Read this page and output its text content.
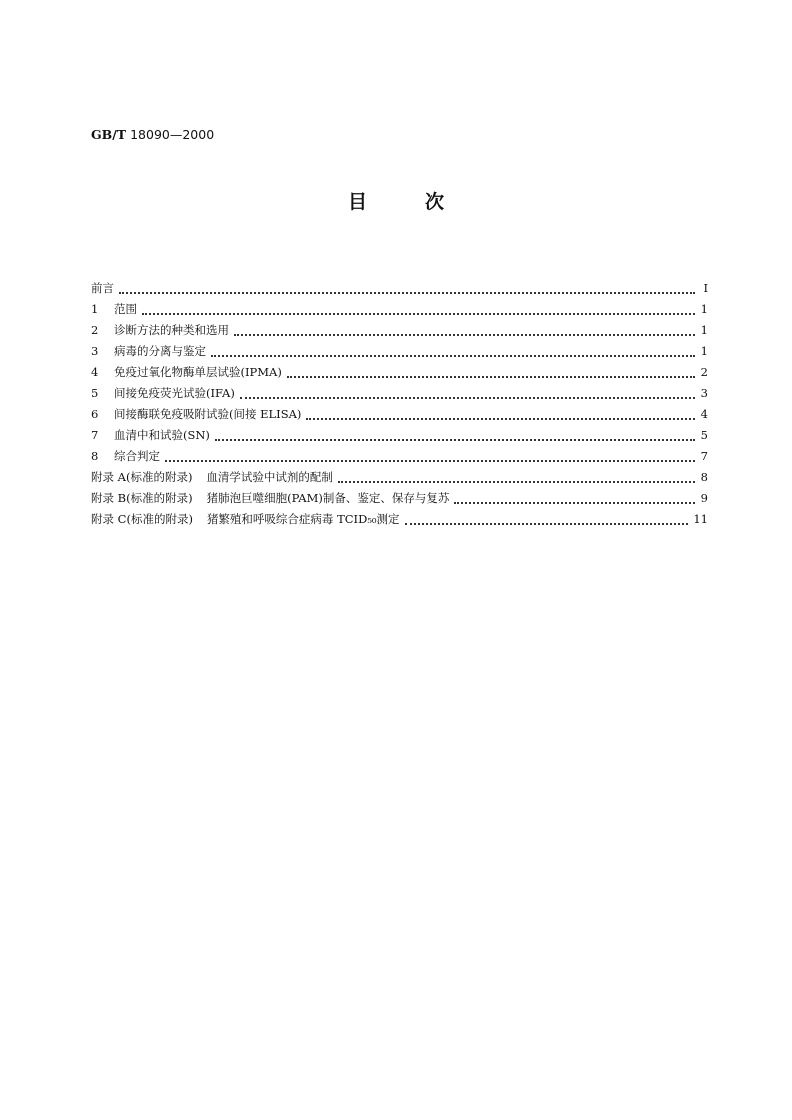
GB/T 18090—2000
目次
前言	I
1 范围	1
2 诊断方法的种类和选用	1
3 病毒的分离与鉴定	1
4 免疫过氧化物酶单层试验(IPMA)	2
5 间接免疫荧光试验(IFA)	3
6 间接酶联免疫吸附试验(间接 ELISA)	4
7 血清中和试验(SN)	5
8 综合判定	7
附录 A(标准的附录) 血清学试验中试剂的配制	8
附录 B(标准的附录) 猪肺泡巨噬细胞(PAM)制备、鉴定、保存与复苏	9
附录 C(标准的附录) 猪繁殖和呼吸综合症病毒 TCID₅₀测定	11
